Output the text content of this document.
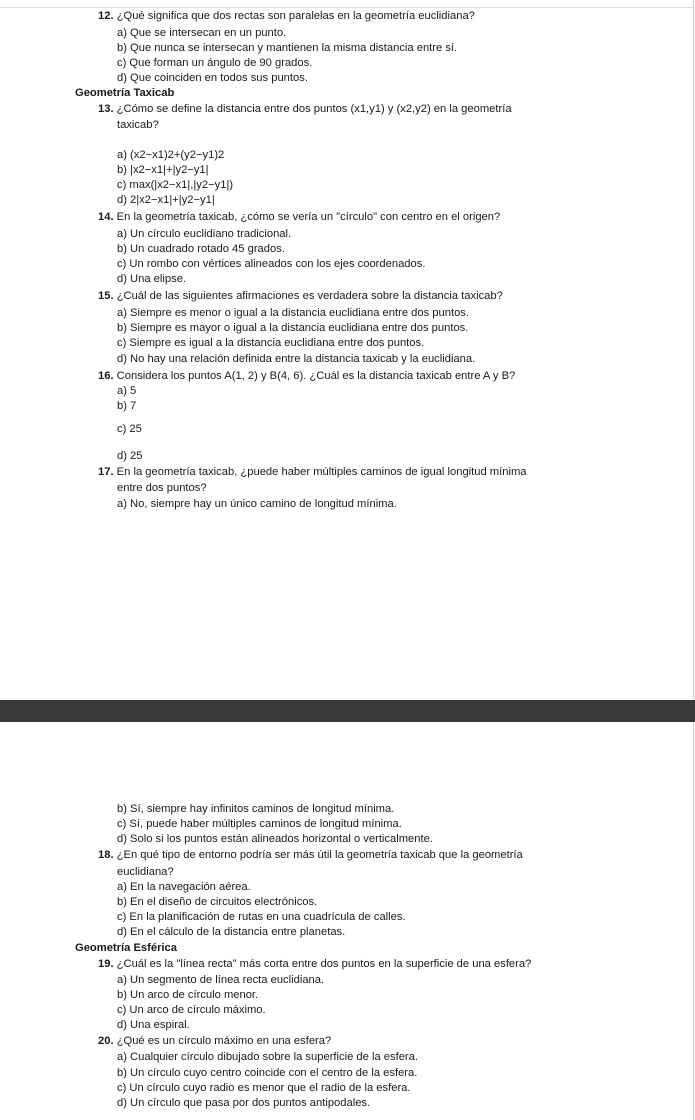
12. ¿Qué significa que dos rectas son paralelas en la geometría euclidiana?
a) Que se intersecan en un punto.
b) Que nunca se intersecan y mantienen la misma distancia entre sí.
c) Que forman un ángulo de 90 grados.
d) Que coinciden en todos sus puntos.
Geometría Taxicab
13. ¿Cómo se define la distancia entre dos puntos (x1,y1) y (x2,y2) en la geometría
taxicab?
a) (x2−x1)2+(y2−y1)2
b) |x2−x1|+|y2−y1|
c) max(|x2−x1|,|y2−y1|)
d) 2|x2−x1|+|y2−y1|
14. En la geometría taxicab, ¿cómo se vería un "círculo" con centro en el origen?
a) Un círculo euclidiano tradicional.
b) Un cuadrado rotado 45 grados.
c) Un rombo con vértices alineados con los ejes coordenados.
d) Una elipse.
15. ¿Cuál de las siguientes afirmaciones es verdadera sobre la distancia taxicab?
a) Siempre es menor o igual a la distancia euclidiana entre dos puntos.
b) Siempre es mayor o igual a la distancia euclidiana entre dos puntos.
c) Siempre es igual a la distancia euclidiana entre dos puntos.
d) No hay una relación definida entre la distancia taxicab y la euclidiana.
16. Considera los puntos A(1, 2) y B(4, 6). ¿Cuál es la distancia taxicab entre A y B?
a) 5
b) 7
c) 25
d) 25
17. En la geometría taxicab, ¿puede haber múltiples caminos de igual longitud mínima
entre dos puntos?
a) No, siempre hay un único camino de longitud mínima.
b) Sí, siempre hay infinitos caminos de longitud mínima.
c) Sí, puede haber múltiples caminos de longitud mínima.
d) Solo si los puntos están alineados horizontal o verticalmente.
18. ¿En qué tipo de entorno podría ser más útil la geometría taxicab que la geometría
euclidiana?
a) En la navegación aérea.
b) En el diseño de circuitos electrónicos.
c) En la planificación de rutas en una cuadrícula de calles.
d) En el cálculo de la distancia entre planetas.
Geometría Esférica
19. ¿Cuál es la "línea recta" más corta entre dos puntos en la superficie de una esfera?
a) Un segmento de línea recta euclidiana.
b) Un arco de círculo menor.
c) Un arco de círculo máximo.
d) Una espiral.
20. ¿Qué es un círculo máximo en una esfera?
a) Cualquier círculo dibujado sobre la superficie de la esfera.
b) Un círculo cuyo centro coincide con el centro de la esfera.
c) Un círculo cuyo radio es menor que el radio de la esfera.
d) Un círculo que pasa por dos puntos antipodales.
